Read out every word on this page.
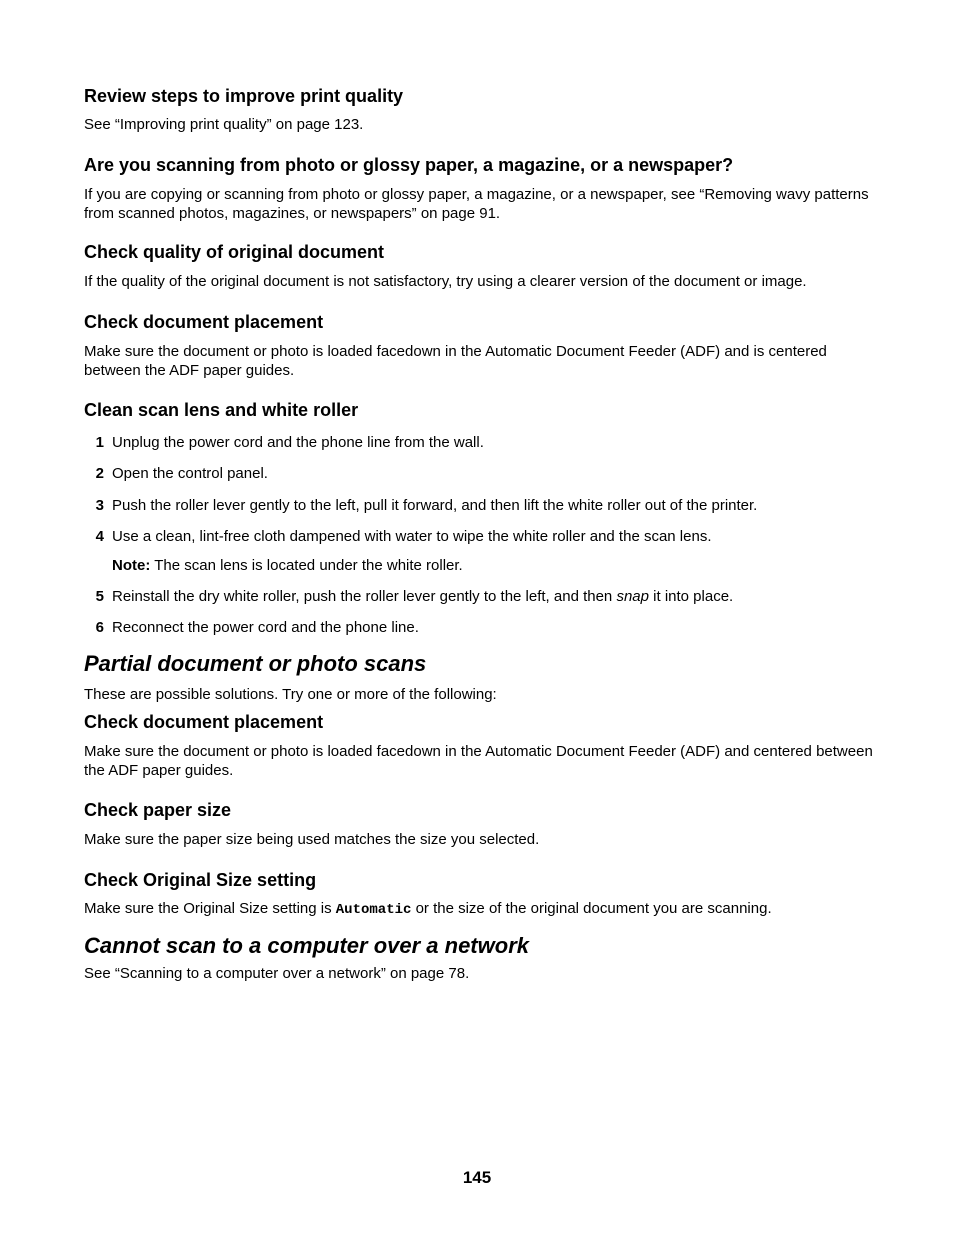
Review steps to improve print quality

See “Improving print quality” on page 123.

Are you scanning from photo or glossy paper, a magazine, or a newspaper?

If you are copying or scanning from photo or glossy paper, a magazine, or a newspaper, see “Removing wavy patterns from scanned photos, magazines, or newspapers” on page 91.

Check quality of original document

If the quality of the original document is not satisfactory, try using a clearer version of the document or image.

Check document placement

Make sure the document or photo is loaded facedown in the Automatic Document Feeder (ADF) and is centered between the ADF paper guides.

Clean scan lens and white roller
1 Unplug the power cord and the phone line from the wall.
2 Open the control panel.
3 Push the roller lever gently to the left, pull it forward, and then lift the white roller out of the printer.
4 Use a clean, lint-free cloth dampened with water to wipe the white roller and the scan lens.
Note: The scan lens is located under the white roller.
5 Reinstall the dry white roller, push the roller lever gently to the left, and then snap it into place.
6 Reconnect the power cord and the phone line.
Partial document or photo scans

These are possible solutions. Try one or more of the following:

Check document placement

Make sure the document or photo is loaded facedown in the Automatic Document Feeder (ADF) and centered between the ADF paper guides.

Check paper size

Make sure the paper size being used matches the size you selected.

Check Original Size setting

Make sure the Original Size setting is Automatic or the size of the original document you are scanning.

Cannot scan to a computer over a network

See “Scanning to a computer over a network” on page 78.

145
